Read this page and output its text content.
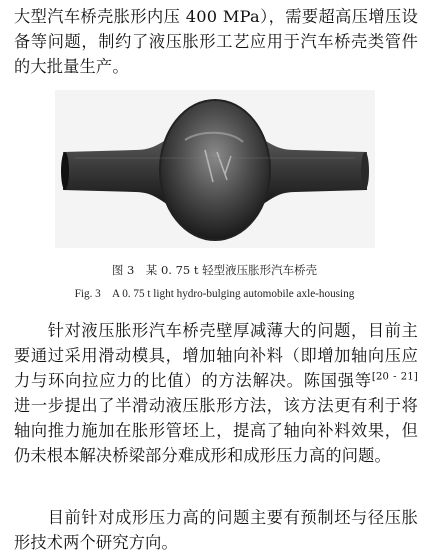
大型汽车桥壳胀形内压 400 MPa），需要超高压增压设备等问题，制约了液压胀形工艺应用于汽车桥壳类管件的大批量生产。

图 3　某 0. 75 t 轻型液压胀形汽车桥壳
Fig. 3　A 0. 75 t light hydro-bulging automobile axle-housing

　　针对液压胀形汽车桥壳壁厚减薄大的问题，目前主要通过采用滑动模具，增加轴向补料（即增加轴向压应力与环向拉应力的比值）的方法解决。陈国强等[20 - 21] 进一步提出了半滑动液压胀形方法，该方法更有利于将轴向推力施加在胀形管坯上，提高了轴向补料效果，但仍未根本解决桥梁部分难成形和成形压力高的问题。

　　目前针对成形压力高的问题主要有预制坯与径压胀形技术两个研究方向。
